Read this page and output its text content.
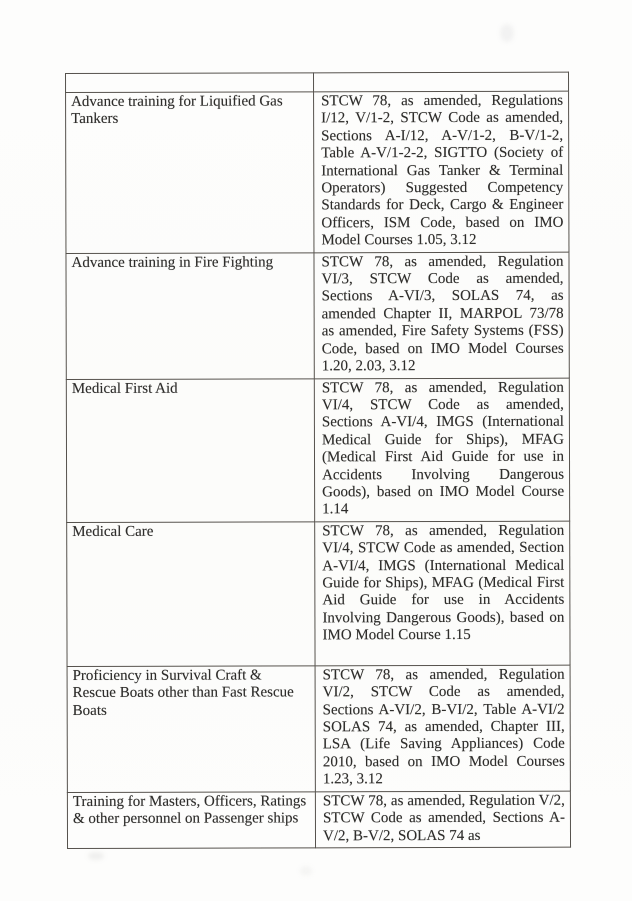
Advance training for Liquified Gas Tankers	STCW 78, as amended, Regulations I/12, V/1-2, STCW Code as amended, Sections A-I/12, A-V/1-2, B-V/1-2, Table A-V/1-2-2, SIGTTO (Society of International Gas Tanker & Terminal Operators) Suggested Competency Standards for Deck, Cargo & Engineer Officers, ISM Code, based on IMO Model Courses 1.05, 3.12
Advance training in Fire Fighting	STCW 78, as amended, Regulation VI/3, STCW Code as amended, Sections A-VI/3, SOLAS 74, as amended Chapter II, MARPOL 73/78 as amended, Fire Safety Systems (FSS) Code, based on IMO Model Courses 1.20, 2.03, 3.12
Medical First Aid	STCW 78, as amended, Regulation VI/4, STCW Code as amended, Sections A-VI/4, IMGS (International Medical Guide for Ships), MFAG (Medical First Aid Guide for use in Accidents Involving Dangerous Goods), based on IMO Model Course 1.14
Medical Care	STCW 78, as amended, Regulation VI/4, STCW Code as amended, Section A-VI/4, IMGS (International Medical Guide for Ships), MFAG (Medical First Aid Guide for use in Accidents Involving Dangerous Goods), based on IMO Model Course 1.15
Proficiency in Survival Craft & Rescue Boats other than Fast Rescue Boats	STCW 78, as amended, Regulation VI/2, STCW Code as amended, Sections A-VI/2, B-VI/2, Table A-VI/2 SOLAS 74, as amended, Chapter III, LSA (Life Saving Appliances) Code 2010, based on IMO Model Courses 1.23, 3.12
Training for Masters, Officers, Ratings & other personnel on Passenger ships	STCW 78, as amended, Regulation V/2, STCW Code as amended, Sections A-V/2, B-V/2, SOLAS 74 as
